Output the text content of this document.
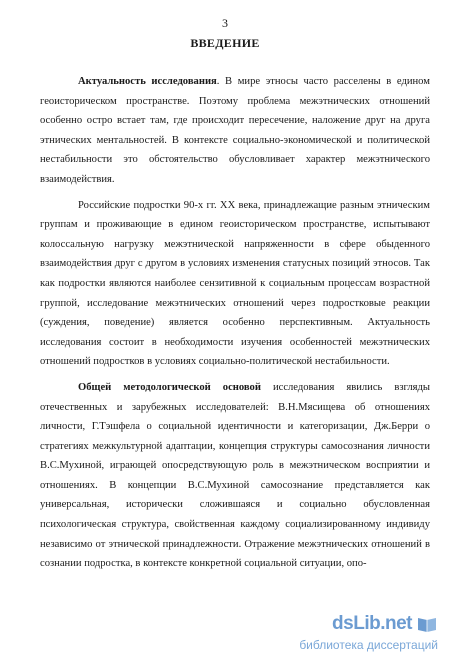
3
ВВЕДЕНИЕ

Актуальность исследования. В мире этносы часто расселены в едином геоисторическом пространстве. Поэтому проблема межэтнических отношений особенно остро встает там, где происходит пересечение, наложение друг на друга этнических ментальностей. В контексте социально-экономической и политической нестабильности это обстоятельство обусловливает характер межэтнического взаимодействия.

Российские подростки 90-х гг. XX века, принадлежащие разным этническим группам и проживающие в едином геоисторическом пространстве, испытывают колоссальную нагрузку межэтнической напряженности в сфере обыденного взаимодействия друг с другом в условиях изменения статусных позиций этносов. Так как подростки являются наиболее сензитивной к социальным процессам возрастной группой, исследование межэтнических отношений через подростковые реакции (суждения, поведение) является особенно перспективным. Актуальность исследования состоит в необходимости изучения особенностей межэтнических отношений подростков в условиях социально-политической нестабильности.

Общей методологической основой исследования явились взгляды отечественных и зарубежных исследователей: В.Н.Мясищева об отношениях личности, Г.Тэшфела о социальной идентичности и категоризации, Дж.Берри о стратегиях межкультурной адаптации, концепция структуры самосознания личности В.С.Мухиной, играющей опосредствующую роль в межэтническом восприятии и отношениях. В концепции В.С.Мухиной самосознание представляется как универсальная, исторически сложившаяся и социально обусловленная психологическая структура, свойственная каждому социализированному индивиду независимо от этнической принадлежности. Отражение межэтнических отношений в сознании подростка, в контексте конкретной социальной ситуации, опо-

dsLib.net
библиотека диссертаций
